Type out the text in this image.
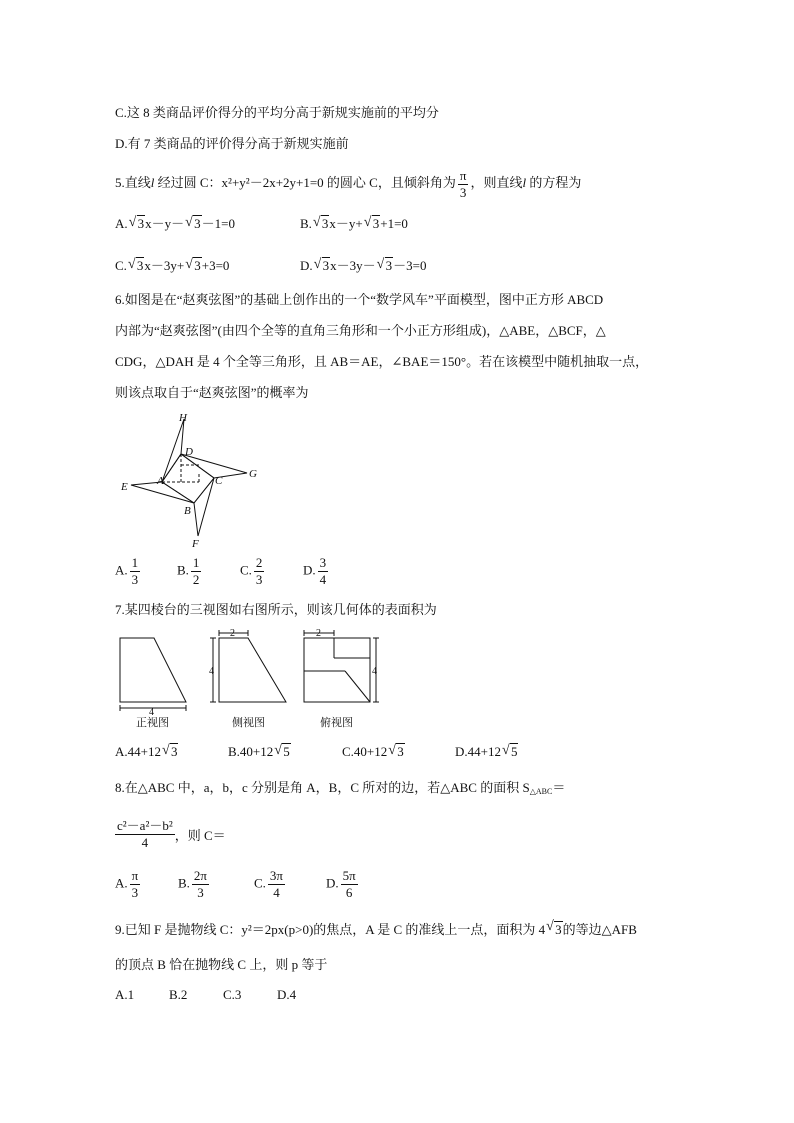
C.这 8 类商品评价得分的平均分高于新规实施前的平均分
D.有 7 类商品的评价得分高于新规实施前
5.直线l 经过圆 C：x²+y²－2x+2y+1=0 的圆心 C，且倾斜角为 $\frac{\pi}{3}$ ，则直线l 的方程为
A. √ 3x－y－ √ 3－1=0	B. √ 3x－y+ √ 3+1=0
C. √ 3x－3y+ √ 3+3=0	D. √ 3x－3y－ √ 3－3=0
6.如图是在“赵爽弦图”的基础上创作出的一个“数学风车”平面模型，图中正方形 ABCD
内部为“赵爽弦图”(由四个全等的直角三角形和一个小正方形组成)，△ABE，△BCF，△
CDG，△DAH 是 4 个全等三角形，且 AB＝AE，∠BAE＝150°。若在该模型中随机抽取一点，
则该点取自于“赵爽弦图”的概率为
H
D
G
E	A	C
B
F
A. $\frac{1}{3}$	B. $\frac{1}{2}$	C. $\frac{2}{3}$	D. $\frac{3}{4}$
7.某四棱台的三视图如右图所示，则该几何体的表面积为
4
2
4
2
4
正视图	侧视图	俯视图
A.44+12 √ 3	B.40+12 √ 5	C.40+12 √ 3	D.44+12 √ 5
8.在△ABC 中，a，b，c 分别是角 A，B，C 所对的边，若△ABC 的面积 $S_{\triangle ABC}=$
$\frac{\text{c²－a²－b²}}{4}$ ，则 C＝
A. $\frac{\pi}{3}$	B. $\frac{2\pi}{3}$	C. $\frac{3\pi}{4}$	D. $\frac{5\pi}{6}$
9.已知 F 是抛物线 C：y²＝2px(p>0)的焦点，A 是 C 的准线上一点，面积为 4 √ 3的等边△AFB
的顶点 B 恰在抛物线 C 上，则 p 等于
A.1	B.2	C.3	D.4
